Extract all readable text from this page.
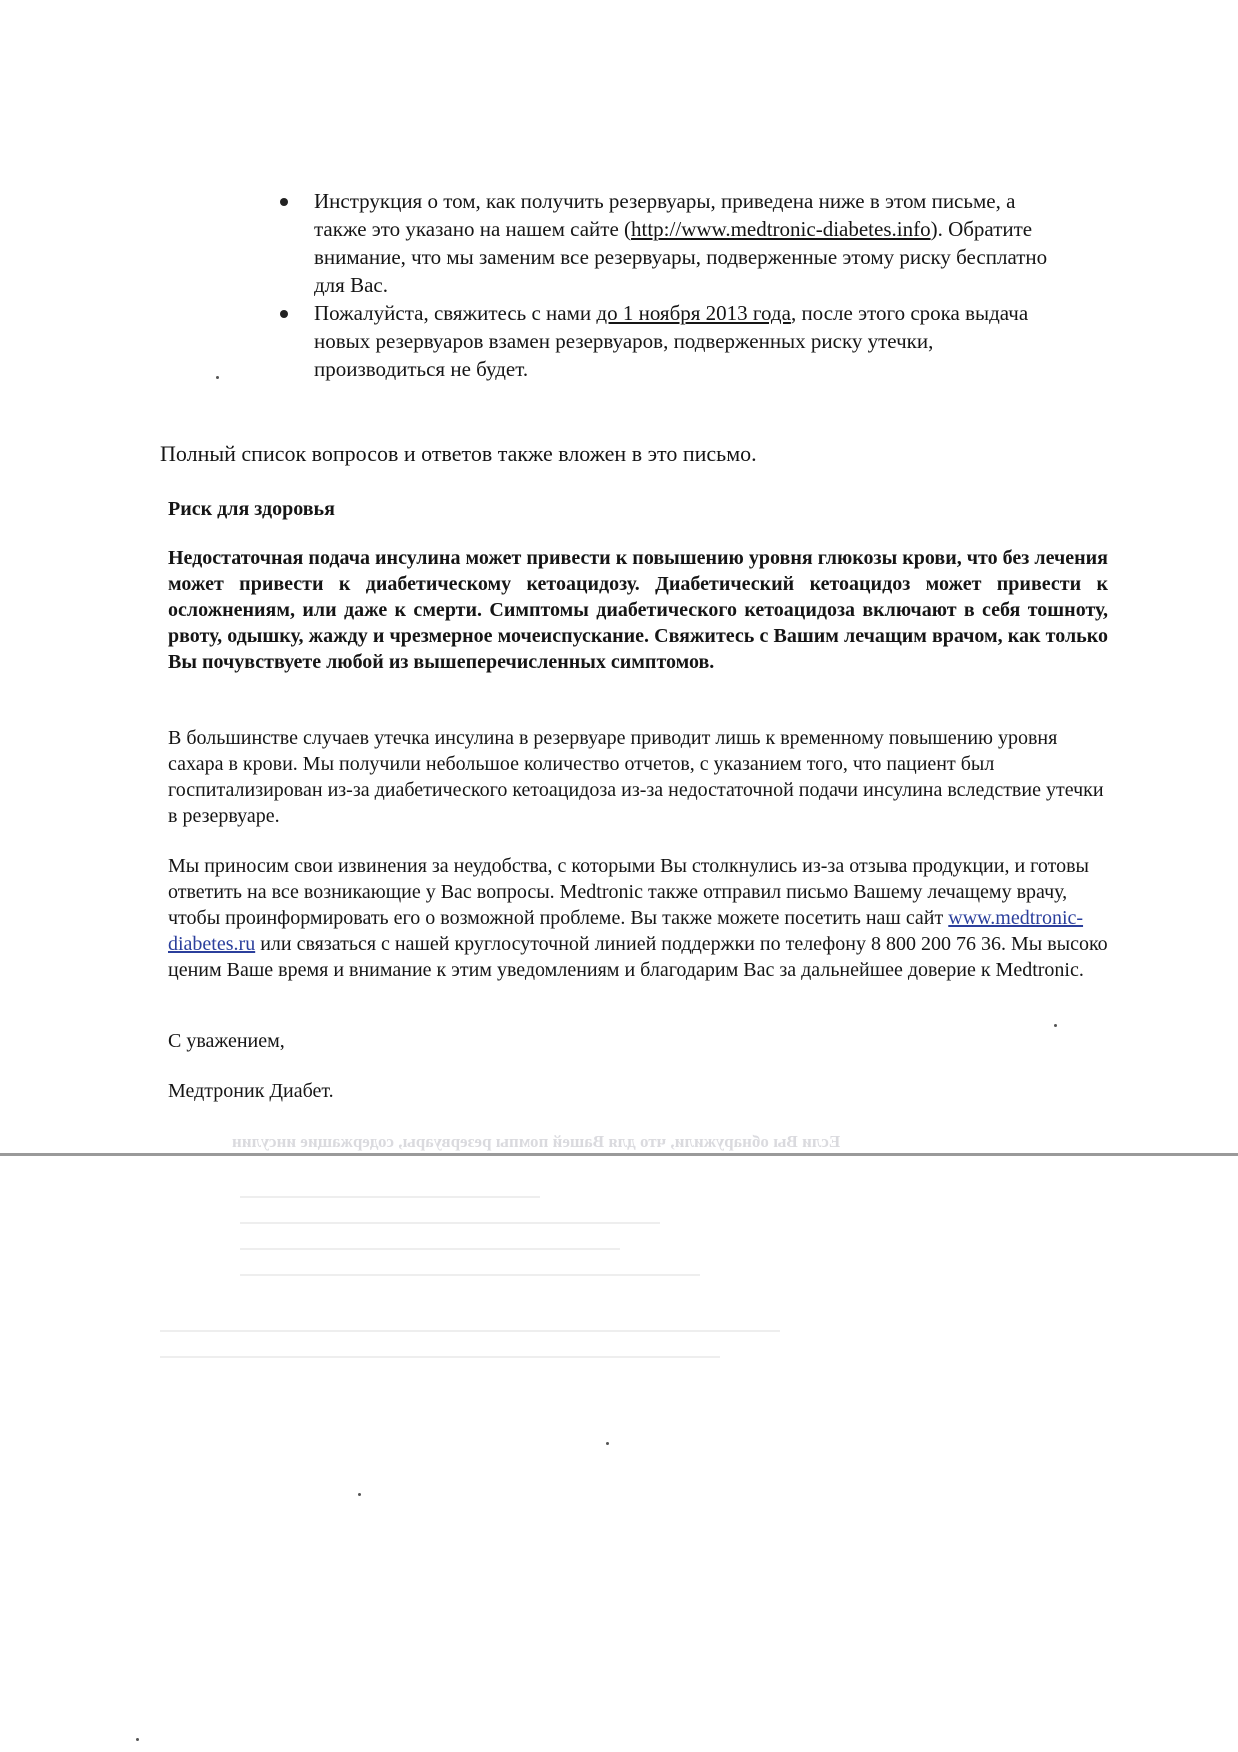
Инструкция о том, как получить резервуары, приведена ниже в этом письме, а также это указано на нашем сайте (http://www.medtronic-diabetes.info). Обратите внимание, что мы заменим все резервуары, подверженные этому риску бесплатно для Вас.
Пожалуйста, свяжитесь с нами до 1 ноября 2013 года, после этого срока выдача новых резервуаров взамен резервуаров, подверженных риску утечки, производиться не будет.
Полный список вопросов и ответов также вложен в это письмо.
Риск для здоровья
Недостаточная подача инсулина может привести к повышению уровня глюкозы крови, что без лечения может привести к диабетическому кетоацидозу. Диабетический кетоацидоз может привести к осложнениям, или даже к смерти. Симптомы диабетического кетоацидоза включают в себя тошноту, рвоту, одышку, жажду и чрезмерное мочеиспускание. Свяжитесь с Вашим лечащим врачом, как только Вы почувствуете любой из вышеперечисленных симптомов.
В большинстве случаев утечка инсулина в резервуаре приводит лишь к временному повышению уровня сахара в крови. Мы получили небольшое количество отчетов, с указанием того, что пациент был госпитализирован из-за диабетического кетоацидоза из-за недостаточной подачи инсулина вследствие утечки в резервуаре.
Мы приносим свои извинения за неудобства, с которыми Вы столкнулись из-за отзыва продукции, и готовы ответить на все возникающие у Вас вопросы. Medtronic также отправил письмо Вашему лечащему врачу, чтобы проинформировать его о возможной проблеме. Вы также можете посетить наш сайт www.medtronic-diabetes.ru или связаться с нашей круглосуточной линией поддержки по телефону 8 800 200 76 36. Мы высоко ценим Ваше время и внимание к этим уведомлениям и благодарим Вас за дальнейшее доверие к Medtronic.
С уважением,
Медтроник Диабет.
Если Вы обнаружили, что для Вашей помпы резервуары, содержащие инсулин
